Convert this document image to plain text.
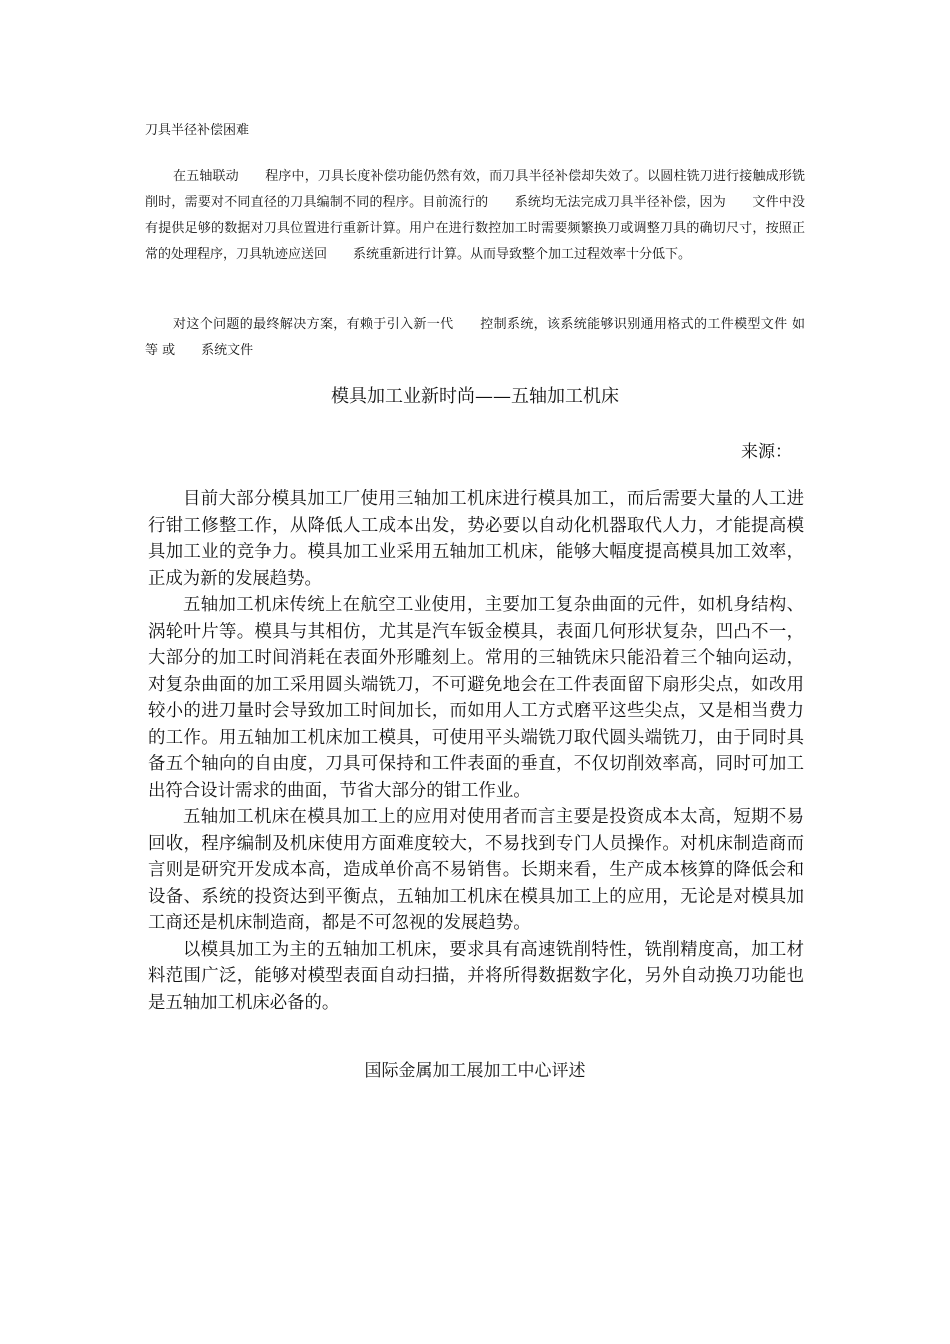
刀具半径补偿困难
在五轴联动　　程序中，刀具长度补偿功能仍然有效，而刀具半径补偿却失效了。以圆柱铣刀进行接触成形铣削时，需要对不同直径的刀具编制不同的程序。目前流行的　　系统均无法完成刀具半径补偿，因为　　文件中没有提供足够的数据对刀具位置进行重新计算。用户在进行数控加工时需要频繁换刀或调整刀具的确切尺寸，按照正常的处理程序，刀具轨迹应送回　　系统重新进行计算。从而导致整个加工过程效率十分低下。
对这个问题的最终解决方案，有赖于引入新一代　　控制系统，该系统能够识别通用格式的工件模型文件 如　　 等 或　　系统文件
模具加工业新时尚——五轴加工机床
来源：

目前大部分模具加工厂使用三轴加工机床进行模具加工，而后需要大量的人工进行钳工修整工作，从降低人工成本出发，势必要以自动化机器取代人力，才能提高模具加工业的竞争力。模具加工业采用五轴加工机床，能够大幅度提高模具加工效率，正成为新的发展趋势。

五轴加工机床传统上在航空工业使用，主要加工复杂曲面的元件，如机身结构、涡轮叶片等。模具与其相仿，尤其是汽车钣金模具，表面几何形状复杂，凹凸不一，大部分的加工时间消耗在表面外形雕刻上。常用的三轴铣床只能沿着三个轴向运动，对复杂曲面的加工采用圆头端铣刀，不可避免地会在工件表面留下扇形尖点，如改用较小的进刀量时会导致加工时间加长，而如用人工方式磨平这些尖点，又是相当费力的工作。用五轴加工机床加工模具，可使用平头端铣刀取代圆头端铣刀，由于同时具备五个轴向的自由度，刀具可保持和工件表面的垂直，不仅切削效率高，同时可加工出符合设计需求的曲面，节省大部分的钳工作业。

五轴加工机床在模具加工上的应用对使用者而言主要是投资成本太高，短期不易回收，程序编制及机床使用方面难度较大，不易找到专门人员操作。对机床制造商而言则是研究开发成本高，造成单价高不易销售。长期来看，生产成本核算的降低会和设备、系统的投资达到平衡点，五轴加工机床在模具加工上的应用，无论是对模具加工商还是机床制造商，都是不可忽视的发展趋势。

以模具加工为主的五轴加工机床，要求具有高速铣削特性，铣削精度高，加工材料范围广泛，能够对模型表面自动扫描，并将所得数据数字化，另外自动换刀功能也是五轴加工机床必备的。

国际金属加工展加工中心评述
